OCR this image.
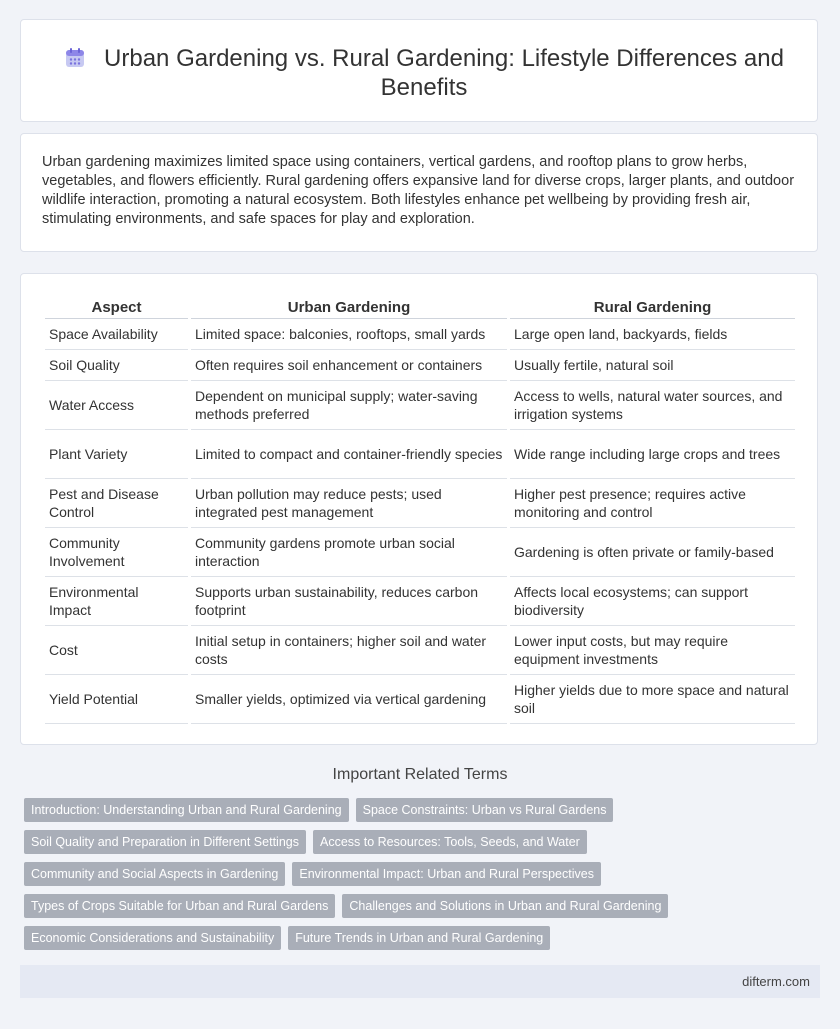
Urban Gardening vs. Rural Gardening: Lifestyle Differences and Benefits
Urban gardening maximizes limited space using containers, vertical gardens, and rooftop plans to grow herbs, vegetables, and flowers efficiently. Rural gardening offers expansive land for diverse crops, larger plants, and outdoor wildlife interaction, promoting a natural ecosystem. Both lifestyles enhance pet wellbeing by providing fresh air, stimulating environments, and safe spaces for play and exploration.
Aspect	Urban Gardening	Rural Gardening
Space Availability	Limited space: balconies, rooftops, small yards	Large open land, backyards, fields
Soil Quality	Often requires soil enhancement or containers	Usually fertile, natural soil
Water Access	Dependent on municipal supply; water-saving methods preferred	Access to wells, natural water sources, and irrigation systems
Plant Variety	Limited to compact and container-friendly species	Wide range including large crops and trees
Pest and Disease Control	Urban pollution may reduce pests; used integrated pest management	Higher pest presence; requires active monitoring and control
Community Involvement	Community gardens promote urban social interaction	Gardening is often private or family-based
Environmental Impact	Supports urban sustainability, reduces carbon footprint	Affects local ecosystems; can support biodiversity
Cost	Initial setup in containers; higher soil and water costs	Lower input costs, but may require equipment investments
Yield Potential	Smaller yields, optimized via vertical gardening	Higher yields due to more space and natural soil
Important Related Terms
Introduction: Understanding Urban and Rural Gardening	Space Constraints: Urban vs Rural Gardens
Soil Quality and Preparation in Different Settings	Access to Resources: Tools, Seeds, and Water
Community and Social Aspects in Gardening	Environmental Impact: Urban and Rural Perspectives
Types of Crops Suitable for Urban and Rural Gardens	Challenges and Solutions in Urban and Rural Gardening
Economic Considerations and Sustainability	Future Trends in Urban and Rural Gardening
difterm.com
